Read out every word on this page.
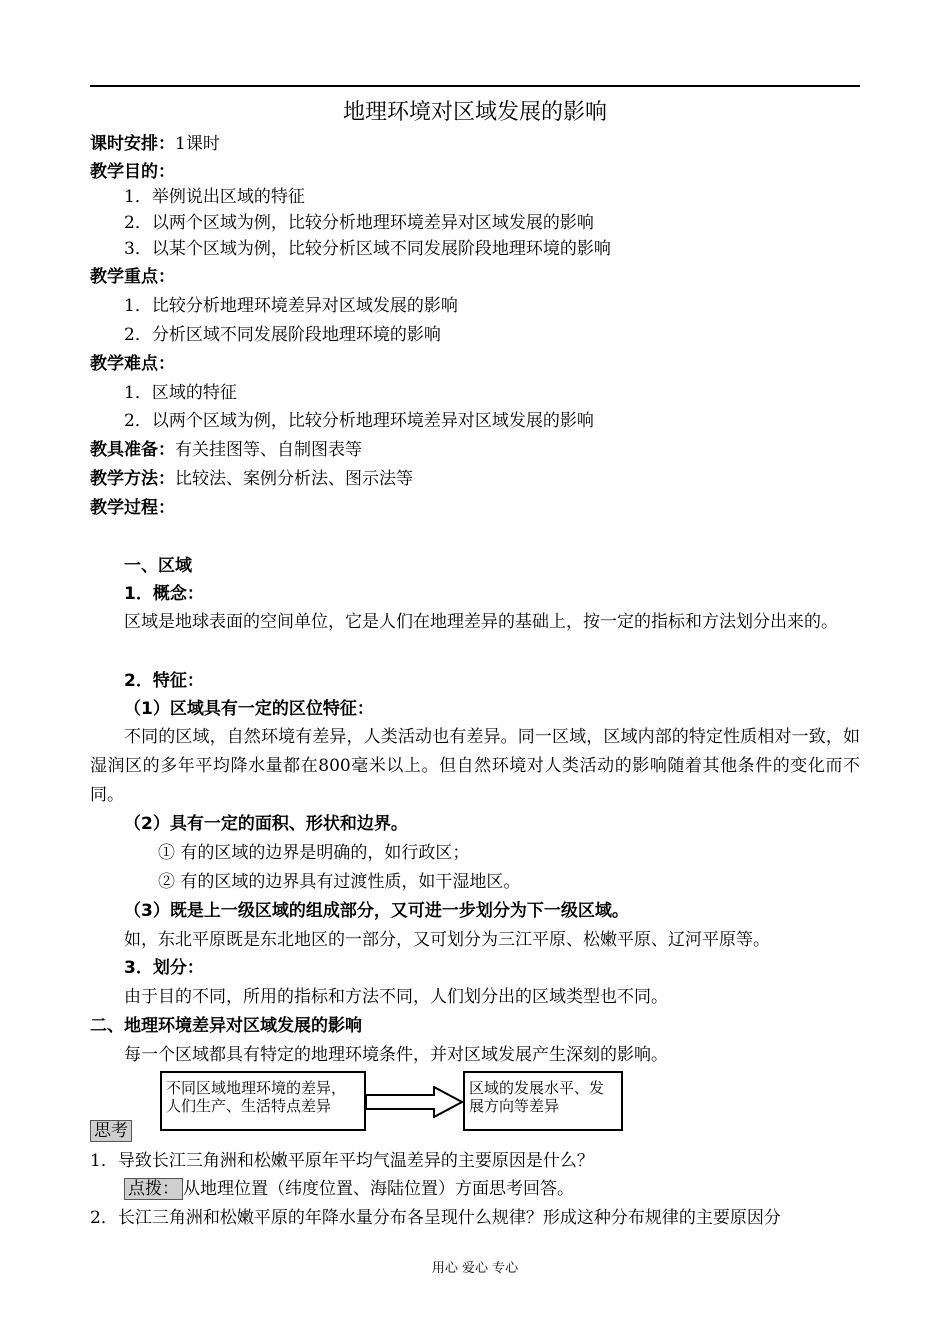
地理环境对区域发展的影响
课时安排：1课时
教学目的：
1．举例说出区域的特征
2．以两个区域为例，比较分析地理环境差异对区域发展的影响
3．以某个区域为例，比较分析区域不同发展阶段地理环境的影响
教学重点：
1．比较分析地理环境差异对区域发展的影响
2．分析区域不同发展阶段地理环境的影响
教学难点：
1．区域的特征
2．以两个区域为例，比较分析地理环境差异对区域发展的影响
教具准备：有关挂图等、自制图表等
教学方法：比较法、案例分析法、图示法等
教学过程：
一、区域
1．概念：
区域是地球表面的空间单位，它是人们在地理差异的基础上，按一定的指标和方法划分出来的。
2．特征：
（1）区域具有一定的区位特征：
不同的区域，自然环境有差异，人类活动也有差异。同一区域，区域内部的特定性质相对一致，如湿润区的多年平均降水量都在800毫米以上。但自然环境对人类活动的影响随着其他条件的变化而不同。
（2）具有一定的面积、形状和边界。
① 有的区域的边界是明确的，如行政区；
② 有的区域的边界具有过渡性质，如干湿地区。
（3）既是上一级区域的组成部分，又可进一步划分为下一级区域。
如，东北平原既是东北地区的一部分，又可划分为三江平原、松嫩平原、辽河平原等。
3．划分：
由于目的不同，所用的指标和方法不同，人们划分出的区域类型也不同。
二、地理环境差异对区域发展的影响
每一个区域都具有特定的地理环境条件，并对区域发展产生深刻的影响。
不同区域地理环境的差异，人们生产、生活特点差异
区域的发展水平、发展方向等差异
思考
1．导致长江三角洲和松嫩平原年平均气温差异的主要原因是什么？
点拨： 从地理位置（纬度位置、海陆位置）方面思考回答。
2．长江三角洲和松嫩平原的年降水量分布各呈现什么规律？形成这种分布规律的主要原因分
用心 爱心 专心
